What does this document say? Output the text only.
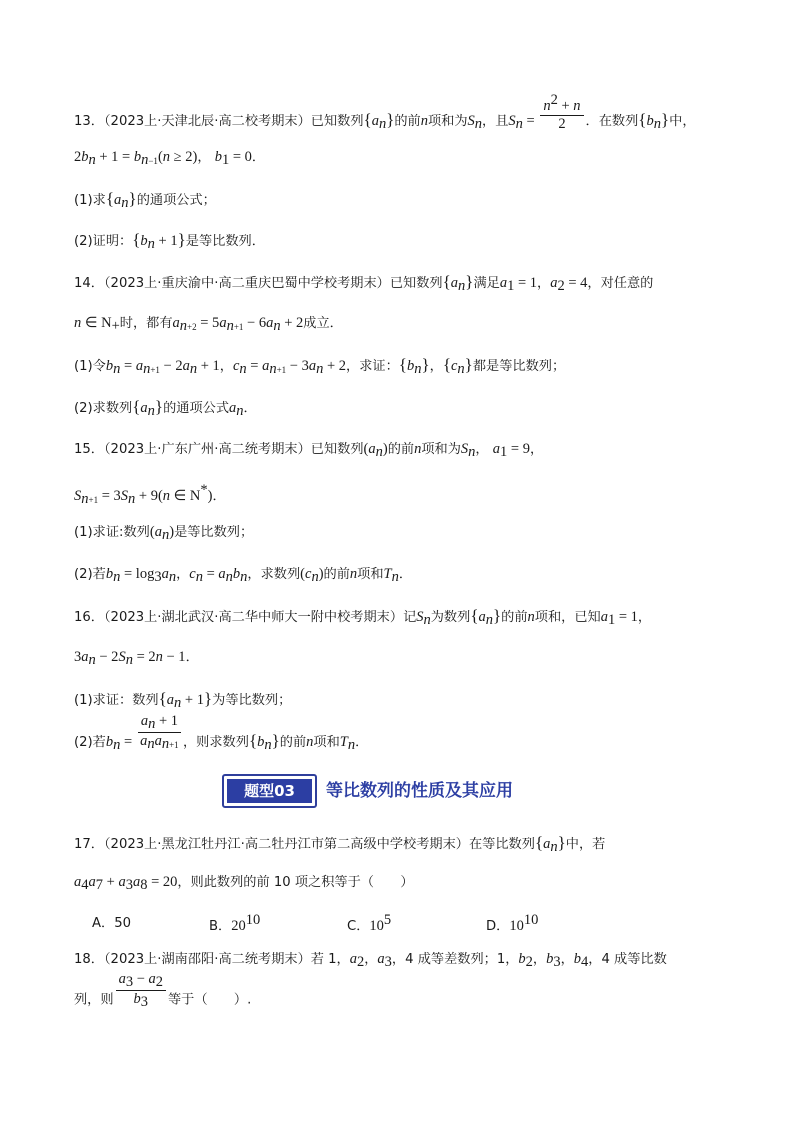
13．（2023上·天津北辰·高二校考期末）已知数列$\{a_n\}$的前n项和为$S_n$，且$S_n = \frac{n^2 + n}{2}$ ．在数列$\{b_n\}$中，
$2b_n + 1 = b_{n-1}(n \ge 2)$， $b_1 = 0$．
(1)求$\{a_n\}$的通项公式；
(2)证明：$\{b_n + 1\}$是等比数列．
14．（2023上·重庆渝中·高二重庆巴蜀中学校考期末）已知数列$\{a_n\}$满足$a_1 = 1$，$a_2 = 4$，对任意的
n ∈ $N_+$时，都有$a_{n+2} = 5a_{n+1} - 6a_n + 2$成立．
(1)令$b_n = a_{n+1} - 2a_n + 1$，$c_n = a_{n+1} - 3a_n + 2$，求证：$\{b_n\}$，$\{c_n\}$都是等比数列；
(2)求数列$\{a_n\}$的通项公式$a_n$．
15．（2023上·广东广州·高二统考期末）已知数列$(a_n)$的前n项和为$S_n$， $a_1 = 9$，
$S_{n+1} = 3S_n + 9(n$ ∈ N*)．
(1)求证:数列$(a_n)$是等比数列；
(2)若$b_n = \log_3a_n$，$c_n = a_nb_n$，求数列$(c_n)$的前n项和$T_n$．
16．（2023上·湖北武汉·高二华中师大一附中校考期末）记$S_n$为数列$\{a_n\}$的前n项和，已知$a_1 = 1$，
$3a_n - 2S_n = 2n - 1$．
(1)求证：数列$\{a_n + 1\}$为等比数列；
(2)若$b_n = \frac{a_n + 1}{a_na_{n+1}}$ ，则求数列$\{b_n\}$的前n项和$T_n$．
题型03	等比数列的性质及其应用
17．（2023上·黑龙江牡丹江·高二牡丹江市第二高级中学校考期末）在等比数列$\{a_n\}$中，若
$a_4a_7 + a_3a_8 = 20$，则此数列的前 10 项之积等于（　　）
A．50	B．$20^{10}$	C．$10^5$	D．$10^{10}$
18．（2023上·湖南邵阳·高二统考期末）若 1，$a_2$，$a_3$，4 成等差数列；1，$b_2$，$b_3$，$b_4$，4 成等比数
列，则 $\frac{a_3 - a_2}{b_3}$ 等于（　　）.
